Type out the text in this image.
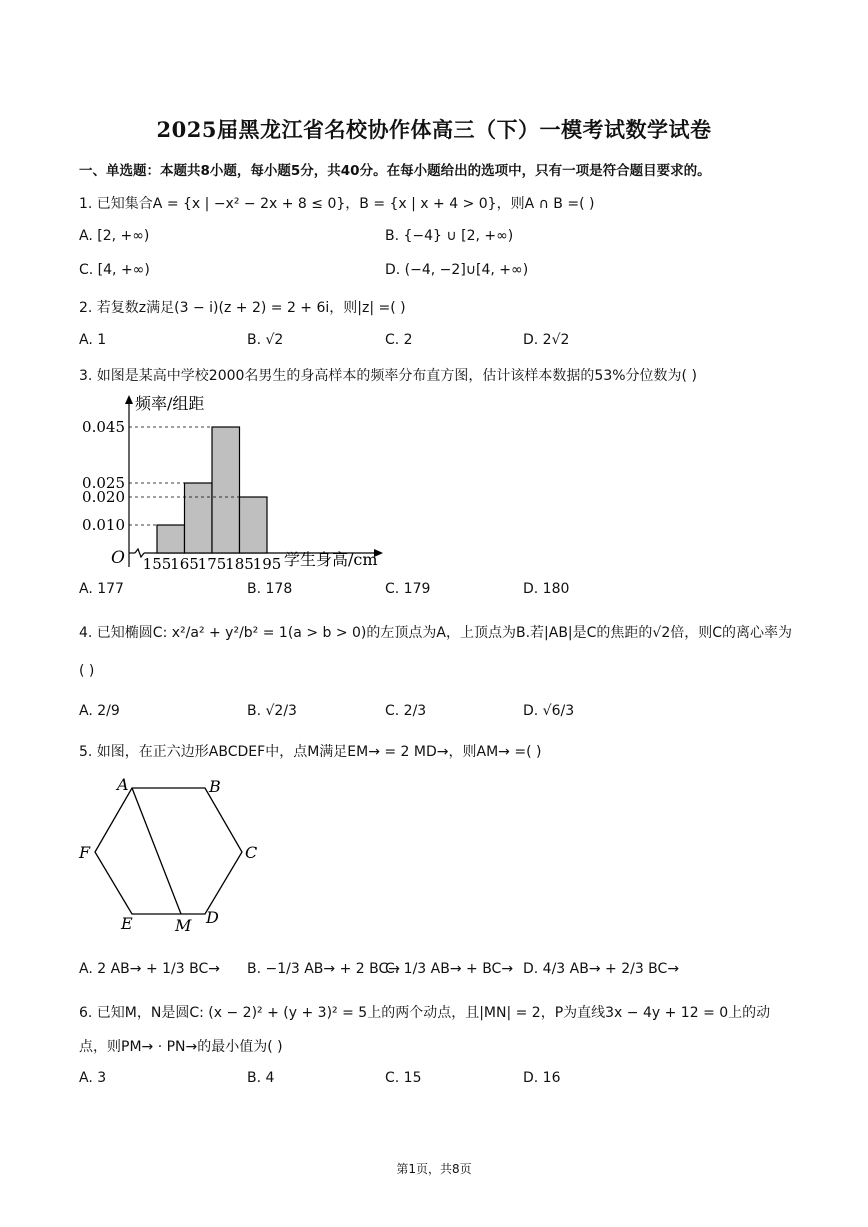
2025届黑龙江省名校协作体高三（下）一模考试数学试卷
一、单选题：本题共8小题，每小题5分，共40分。在每小题给出的选项中，只有一项是符合题目要求的。
1. 已知集合A = {x | −x² − 2x + 8 ≤ 0}，B = {x | x + 4 > 0}，则A ∩ B =( )
A. [2, +∞)	B. {−4} ∪ [2, +∞)
C. [4, +∞)	D. (−4, −2]∪[4, +∞)
2. 若复数z满足(3 − i)(z + 2) = 2 + 6i，则|z| =( )
A. 1	B. √2	C. 2	D. 2√2
3. 如图是某高中学校2000名男生的身高样本的频率分布直方图，估计该样本数据的53%分位数为( )
0.010
0.020
0.025
0.045
155
165
175
185
195
频率/组距
学生身高/cm
O
A. 177	B. 178	C. 179	D. 180
4. 已知椭圆C: x²/a² + y²/b² = 1(a > b > 0)的左顶点为A，上顶点为B.若|AB|是C的焦距的√2倍，则C的离心率为
( )
A. 2/9	B. √2/3	C. 2/3	D. √6/3
5. 如图，在正六边形ABCDEF中，点M满足EM→ = 2 MD→，则AM→ =( )
A	B
C
D
E
F
M
A. 2 AB→ + 1/3 BC→ B. −1/3 AB→ + 2 BC→
C. 1/3 AB→ + BC→ D. 4/3 AB→ + 2/3 BC→
6. 已知M，N是圆C: (x − 2)² + (y + 3)² = 5上的两个动点，且|MN| = 2，P为直线3x − 4y + 12 = 0上的动
点，则PM→ · PN→的最小值为( )
A. 3	B. 4	C. 15	D. 16
第1页，共8页
